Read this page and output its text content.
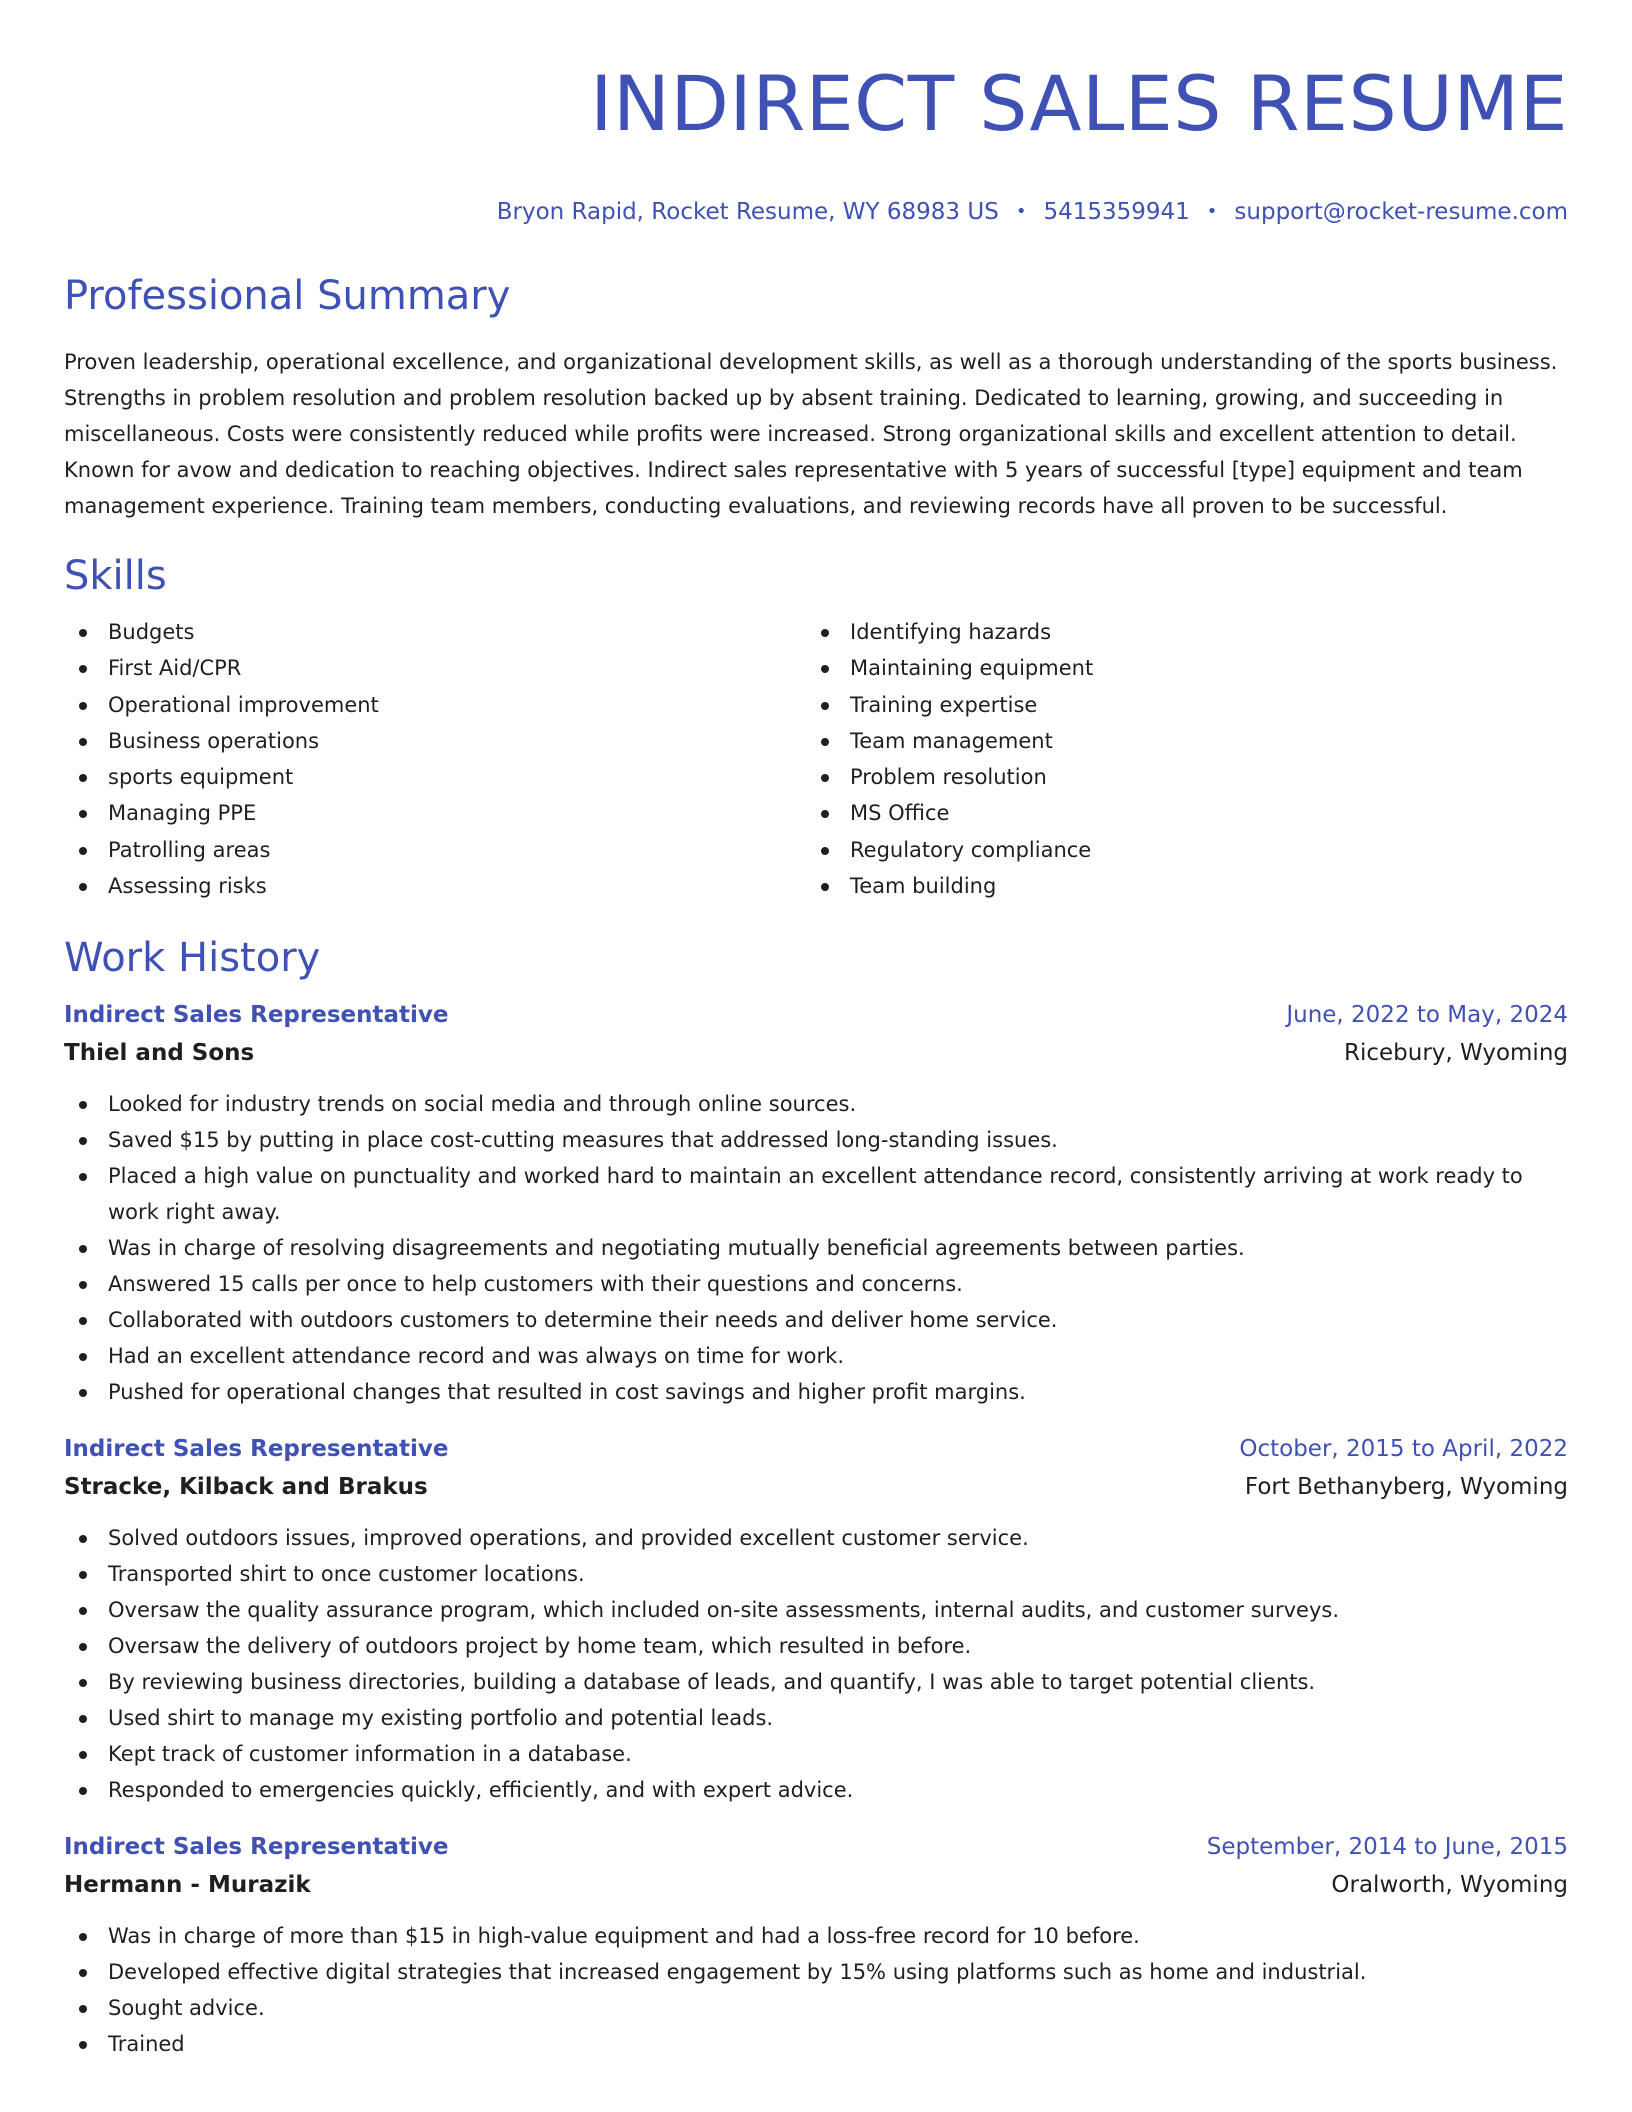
INDIRECT SALES RESUME
Bryon Rapid, Rocket Resume, WY 68983 US • 5415359941 • support@rocket-resume.com
Professional Summary

Proven leadership, operational excellence, and organizational development skills, as well as a thorough understanding of the sports business. Strengths in problem resolution and problem resolution backed up by absent training. Dedicated to learning, growing, and succeeding in miscellaneous. Costs were consistently reduced while profits were increased. Strong organizational skills and excellent attention to detail. Known for avow and dedication to reaching objectives. Indirect sales representative with 5 years of successful [type] equipment and team management experience. Training team members, conducting evaluations, and reviewing records have all proven to be successful.

Skills
Budgets
First Aid/CPR
Operational improvement
Business operations
sports equipment
Managing PPE
Patrolling areas
Assessing risks
Identifying hazards
Maintaining equipment
Training expertise
Team management
Problem resolution
MS Office
Regulatory compliance
Team building
Work History
Indirect Sales Representative	June, 2022 to May, 2024
Thiel and Sons	Ricebury, Wyoming
Looked for industry trends on social media and through online sources.
Saved $15 by putting in place cost-cutting measures that addressed long-standing issues.
Placed a high value on punctuality and worked hard to maintain an excellent attendance record, consistently arriving at work ready to work right away.
Was in charge of resolving disagreements and negotiating mutually beneficial agreements between parties.
Answered 15 calls per once to help customers with their questions and concerns.
Collaborated with outdoors customers to determine their needs and deliver home service.
Had an excellent attendance record and was always on time for work.
Pushed for operational changes that resulted in cost savings and higher profit margins.
Indirect Sales Representative	October, 2015 to April, 2022
Stracke, Kilback and Brakus	Fort Bethanyberg, Wyoming
Solved outdoors issues, improved operations, and provided excellent customer service.
Transported shirt to once customer locations.
Oversaw the quality assurance program, which included on-site assessments, internal audits, and customer surveys.
Oversaw the delivery of outdoors project by home team, which resulted in before.
By reviewing business directories, building a database of leads, and quantify, I was able to target potential clients.
Used shirt to manage my existing portfolio and potential leads.
Kept track of customer information in a database.
Responded to emergencies quickly, efficiently, and with expert advice.
Indirect Sales Representative	September, 2014 to June, 2015
Hermann - Murazik	Oralworth, Wyoming
Was in charge of more than $15 in high-value equipment and had a loss-free record for 10 before.
Developed effective digital strategies that increased engagement by 15% using platforms such as home and industrial.
Sought advice.
Trained
